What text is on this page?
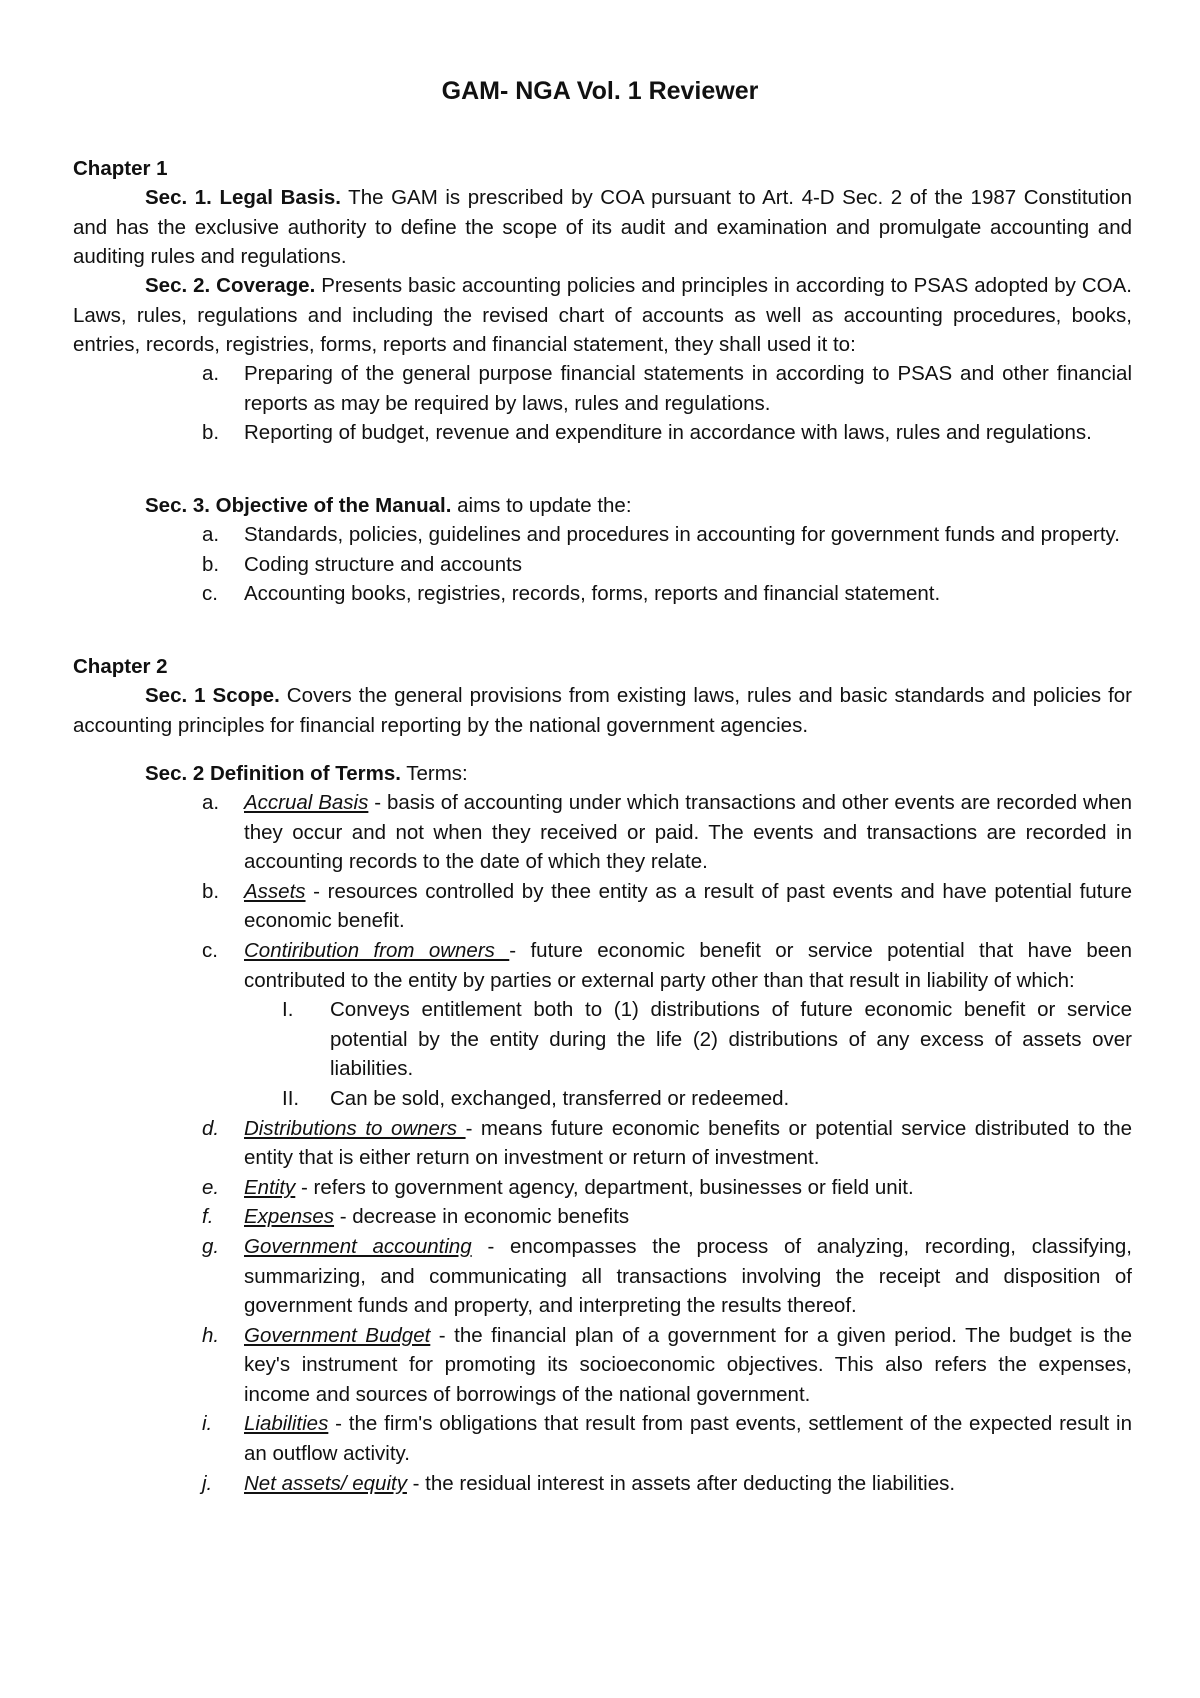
GAM- NGA Vol. 1 Reviewer
Chapter 1
Sec. 1. Legal Basis. The GAM is prescribed by COA pursuant to Art. 4-D Sec. 2 of the 1987 Constitution and has the exclusive authority to define the scope of its audit and examination and promulgate accounting and auditing rules and regulations.
Sec. 2. Coverage. Presents basic accounting policies and principles in according to PSAS adopted by COA. Laws, rules, regulations and including the revised chart of accounts as well as accounting procedures, books, entries, records, registries, forms, reports and financial statement, they shall used it to:
a. Preparing of the general purpose financial statements in according to PSAS and other financial reports as may be required by laws, rules and regulations.
b. Reporting of budget, revenue and expenditure in accordance with laws, rules and regulations.
Sec. 3. Objective of the Manual. aims to update the:
a. Standards, policies, guidelines and procedures in accounting for government funds and property.
b. Coding structure and accounts
c. Accounting books, registries, records, forms, reports and financial statement.
Chapter 2
Sec. 1 Scope. Covers the general provisions from existing laws, rules and basic standards and policies for accounting principles for financial reporting by the national government agencies.
Sec. 2 Definition of Terms. Terms:
a. Accrual Basis - basis of accounting under which transactions and other events are recorded when they occur and not when they received or paid. The events and transactions are recorded in accounting records to the date of which they relate.
b. Assets - resources controlled by thee entity as a result of past events and have potential future economic benefit.
c. Contiribution from owners - future economic benefit or service potential that have been contributed to the entity by parties or external party other than that result in liability of which:
I. Conveys entitlement both to (1) distributions of future economic benefit or service potential by the entity during the life (2) distributions of any excess of assets over liabilities.
II. Can be sold, exchanged, transferred or redeemed.
d. Distributions to owners - means future economic benefits or potential service distributed to the entity that is either return on investment or return of investment.
e. Entity - refers to government agency, department, businesses or field unit.
f. Expenses - decrease in economic benefits
g. Government accounting - encompasses the process of analyzing, recording, classifying, summarizing, and communicating all transactions involving the receipt and disposition of government funds and property, and interpreting the results thereof.
h. Government Budget - the financial plan of a government for a given period. The budget is the key's instrument for promoting its socioeconomic objectives. This also refers the expenses, income and sources of borrowings of the national government.
i. Liabilities - the firm's obligations that result from past events, settlement of the expected result in an outflow activity.
j. Net assets/ equity - the residual interest in assets after deducting the liabilities.
